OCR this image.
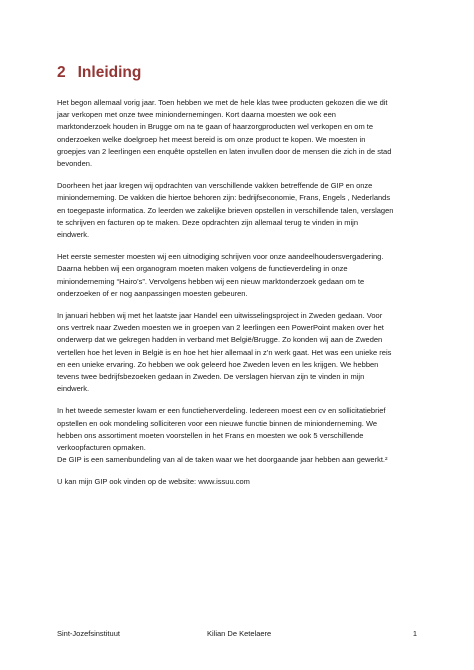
2 Inleiding

Het begon allemaal vorig jaar. Toen hebben we met de hele klas twee producten gekozen die we dit
jaar verkopen met onze twee miniondernemingen. Kort daarna moesten we ook een
marktonderzoek houden in Brugge om na te gaan of haarzorgproducten wel verkopen en om te
onderzoeken welke doelgroep het meest bereid is om onze product te kopen. We moesten in
groepjes van 2 leerlingen een enquête opstellen en laten invullen door de mensen die zich in de stad
bevonden.

Doorheen het jaar kregen wij opdrachten van verschillende vakken betreffende de GIP en onze
minionderneming. De vakken die hiertoe behoren zijn: bedrijfseconomie, Frans, Engels , Nederlands
en toegepaste informatica. Zo leerden we zakelijke brieven opstellen in verschillende talen, verslagen
te schrijven en facturen op te maken. Deze opdrachten zijn allemaal terug te vinden in mijn
eindwerk.

Het eerste semester moesten wij een uitnodiging schrijven voor onze aandeelhoudersvergadering.
Daarna hebben wij een organogram moeten maken volgens de functieverdeling in onze
minionderneming “Hairo’s”. Vervolgens hebben wij een nieuw marktonderzoek gedaan om te
onderzoeken of er nog aanpassingen moesten gebeuren.

In januari hebben wij met het laatste jaar Handel een uitwisselingsproject in Zweden gedaan. Voor
ons vertrek naar Zweden moesten we in groepen van 2 leerlingen een PowerPoint maken over het
onderwerp dat we gekregen hadden in verband met België/Brugge. Zo konden wij aan de Zweden
vertellen hoe het leven in België is en hoe het hier allemaal in z’n werk gaat. Het was een unieke reis
en een unieke ervaring. Zo hebben we ook geleerd hoe Zweden leven en les krijgen. We hebben
tevens twee bedrijfsbezoeken gedaan in Zweden. De verslagen hiervan zijn te vinden in mijn
eindwerk.

In het tweede semester kwam er een functieherverdeling. Iedereen moest een cv en sollicitatiebrief
opstellen en ook mondeling solliciteren voor een nieuwe functie binnen de minionderneming. We
hebben ons assortiment moeten voorstellen in het Frans en moesten we ook 5 verschillende
verkoopfacturen opmaken.
De GIP is een samenbundeling van al de taken waar we het doorgaande jaar hebben aan gewerkt.²

U kan mijn GIP ook vinden op de website: www.issuu.com

Sint-Jozefsinstituut	Kilian De Ketelaere	1
